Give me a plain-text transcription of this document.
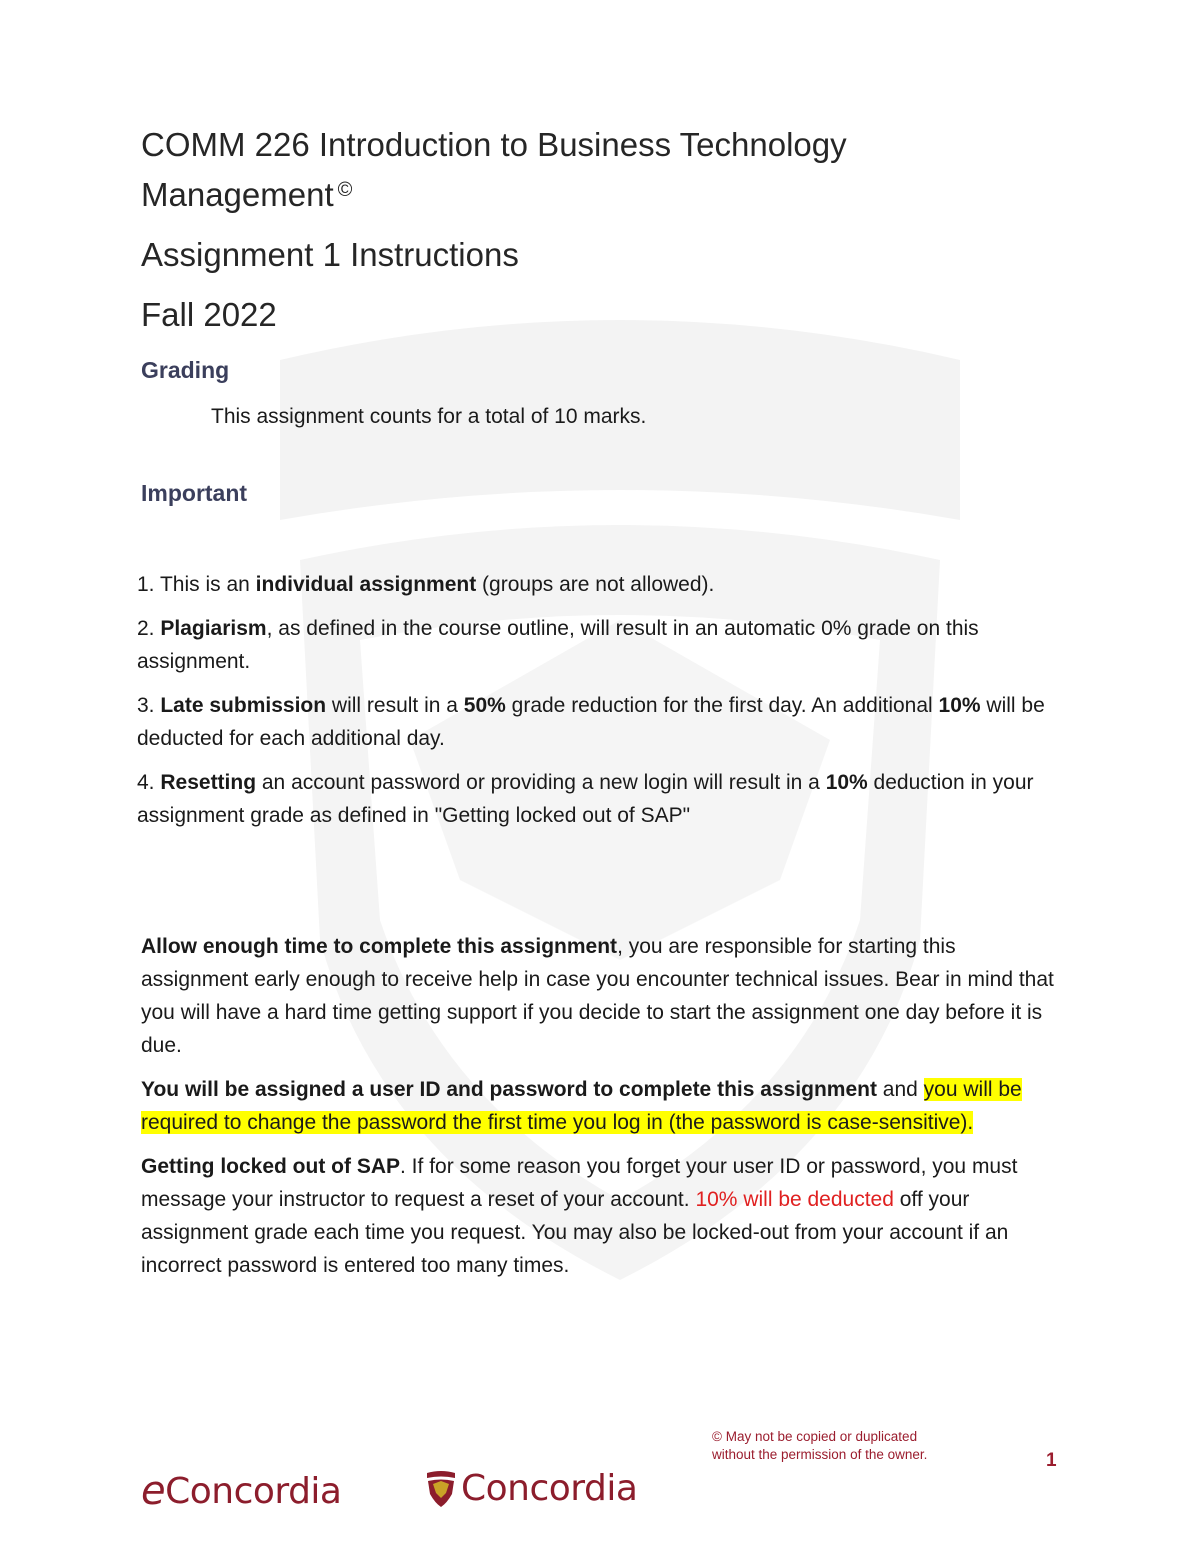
COMM 226 Introduction to Business Technology
Management ©
Assignment 1 Instructions
Fall 2022
Grading
This assignment counts for a total of 10 marks.
Important
1. This is an individual assignment (groups are not allowed).
2. Plagiarism, as defined in the course outline, will result in an automatic 0% grade on this assignment.
3. Late submission will result in a 50% grade reduction for the first day. An additional 10% will be deducted for each additional day.
4. Resetting an account password or providing a new login will result in a 10% deduction in your assignment grade as defined in "Getting locked out of SAP"
Allow enough time to complete this assignment, you are responsible for starting this assignment early enough to receive help in case you encounter technical issues. Bear in mind that you will have a hard time getting support if you decide to start the assignment one day before it is due.
You will be assigned a user ID and password to complete this assignment and you will be required to change the password the first time you log in (the password is case-sensitive).
Getting locked out of SAP. If for some reason you forget your user ID or password, you must message your instructor to request a reset of your account. 10% will be deducted off your assignment grade each time you request. You may also be locked-out from your account if an incorrect password is entered too many times.
© May not be copied or duplicated
without the permission of the owner.	1
e Concordia	Concordia
